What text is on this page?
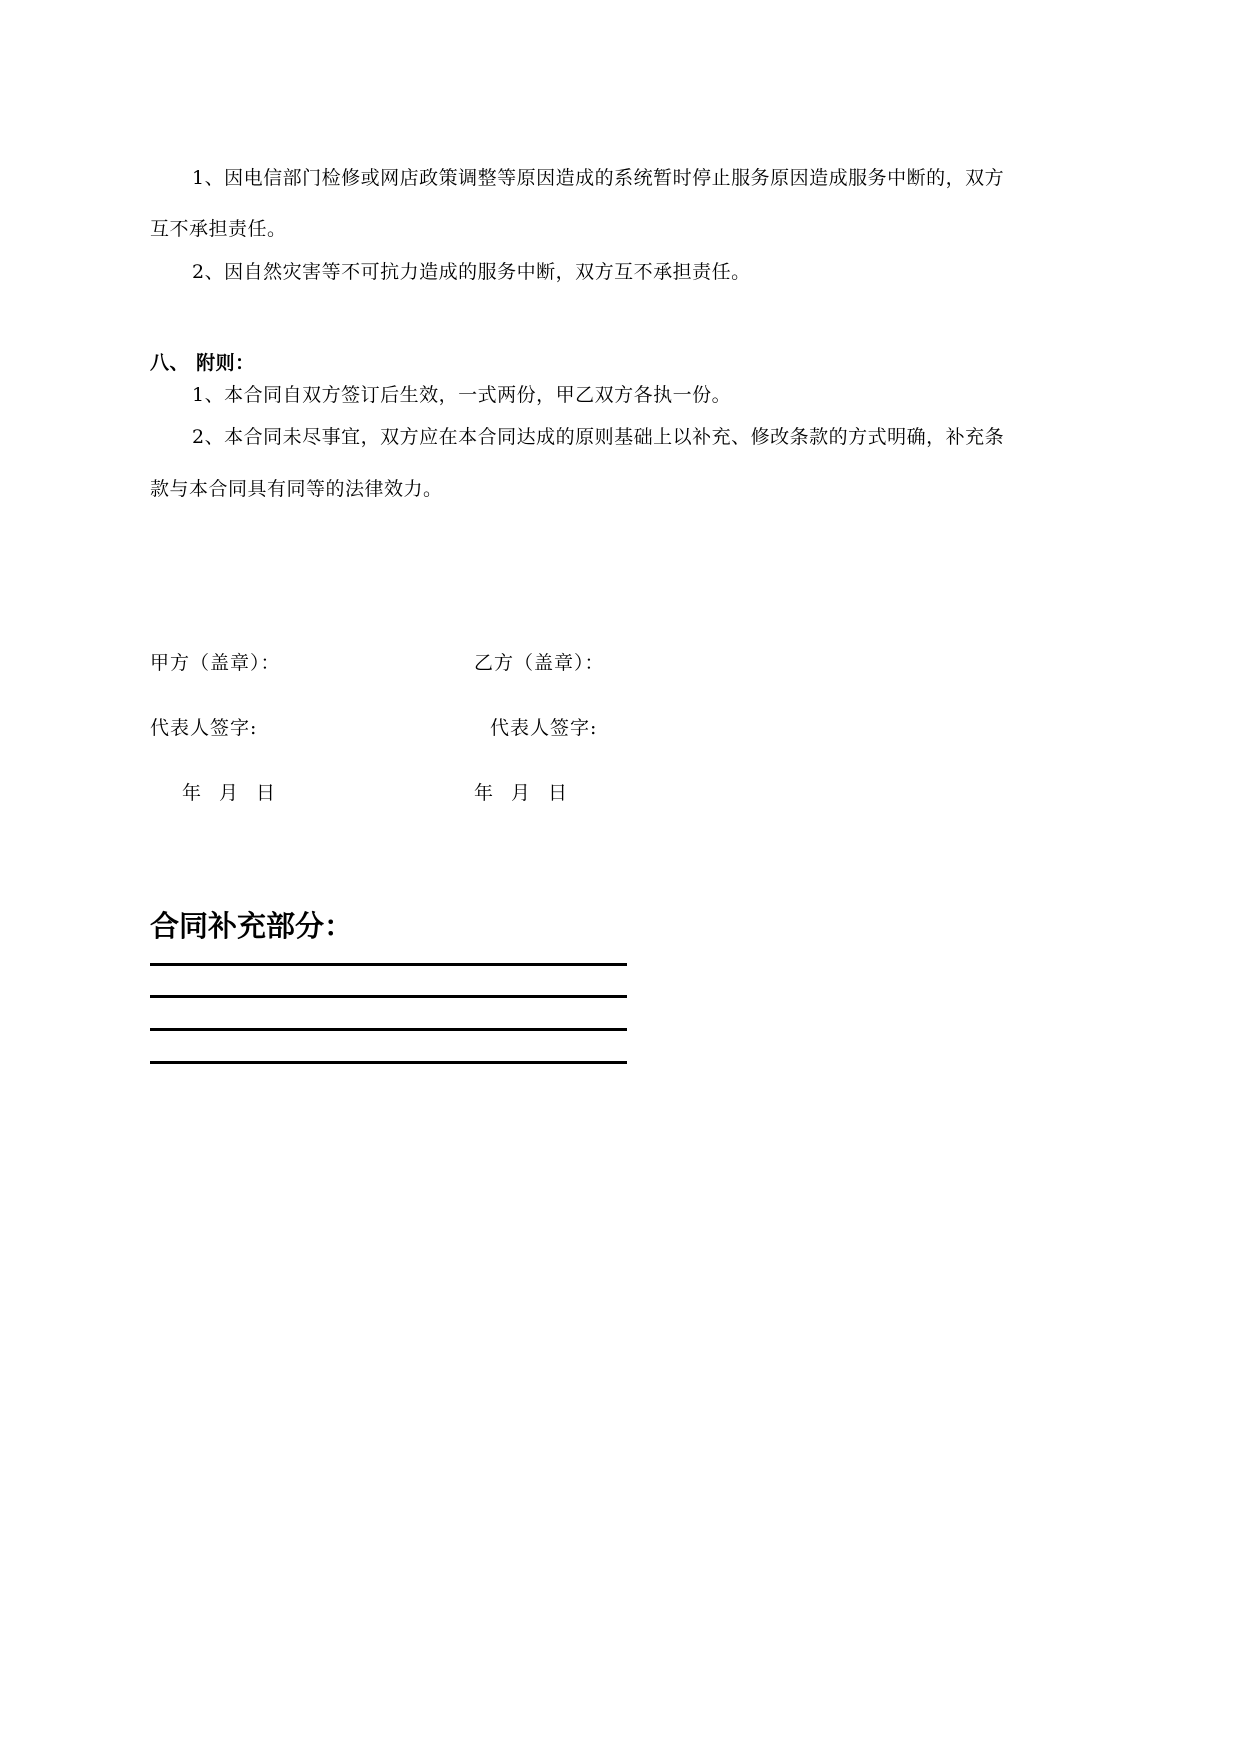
1、因电信部门检修或网店政策调整等原因造成的系统暂时停止服务原因造成服务中断的，双方
互不承担责任。
2、因自然灾害等不可抗力造成的服务中断，双方互不承担责任。
八、 附则：
1、本合同自双方签订后生效，一式两份，甲乙双方各执一份。
2、本合同未尽事宜，双方应在本合同达成的原则基础上以补充、修改条款的方式明确，补充条
款与本合同具有同等的法律效力。
甲方（盖章）：	乙方（盖章）：
代表人签字:	代表人签字:
年 月 日	年 月 日
合同补充部分：
